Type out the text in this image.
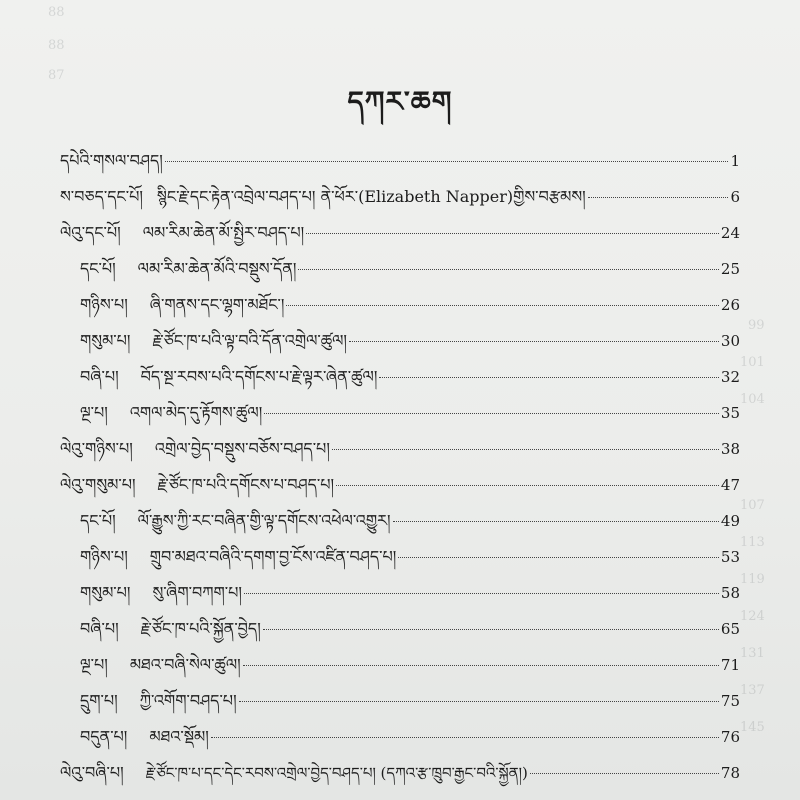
88
88
87
99
101
104
107
113
119
124
131
137
145
དཀར་ཆག
དཔེའི་གསལ་བཤད།	1
ས་བཅད་དང་པོ། སྙིང་རྗེ་དང་རྟེན་འབྲེལ་བཤད་པ། ནེ་ཕོར་(Elizabeth Napper)གྱིས་བརྩམས།	6
ལེའུ་དང་པོ། ལམ་རིམ་ཆེན་མོ་སྤྱིར་བཤད་པ།	24
དང་པོ། ལམ་རིམ་ཆེན་མོའི་བསྡུས་དོན།	25
གཉིས་པ། ཞི་གནས་དང་ལྷག་མཐོང་།	26
གསུམ་པ། རྗེ་ཙོང་ཁ་པའི་ལྟ་བའི་དོན་འགྲེལ་ཚུལ།	30
བཞི་པ། བོད་སྔ་རབས་པའི་དགོངས་པ་རྗེ་ལྟར་ཞེན་ཚུལ།	32
ལྔ་པ། འགལ་མེད་དུ་རྟོགས་ཚུལ།	35
ལེའུ་གཉིས་པ། འགྲེལ་བྱེད་བསྡུས་བཅོས་བཤད་པ།	38
ལེའུ་གསུམ་པ། རྗེ་ཙོང་ཁ་པའི་དགོངས་པ་བཤད་པ།	47
དང་པོ། ལོ་རྒྱུས་ཀྱི་རང་བཞིན་གྱི་ལྟ་དགོངས་འཕེལ་འགྱུར།	49
གཉིས་པ། གྲུབ་མཐའ་བཞིའི་དགག་བྱ་ངོས་འཛིན་བཤད་པ།	53
གསུམ་པ། སུ་ཞིག་བཀག་པ།	58
བཞི་པ། རྗེ་ཙོང་ཁ་པའི་སྐྱོན་བྱེད།	65
ལྔ་པ། མཐའ་བཞི་སེལ་ཚུལ།	71
དྲུག་པ། ཀྱི་འགོག་བཤད་པ།	75
བདུན་པ། མཐའ་སྡོམ།	76
ལེའུ་བཞི་པ། རྗེ་ཙོང་ཁ་པ་དང་དེང་རབས་འགྲེལ་བྱེད་བཤད་པ། (དཀའ་རྩ་ཁྲུབ་རྒྱང་བའི་སྐྱོན།)	78
